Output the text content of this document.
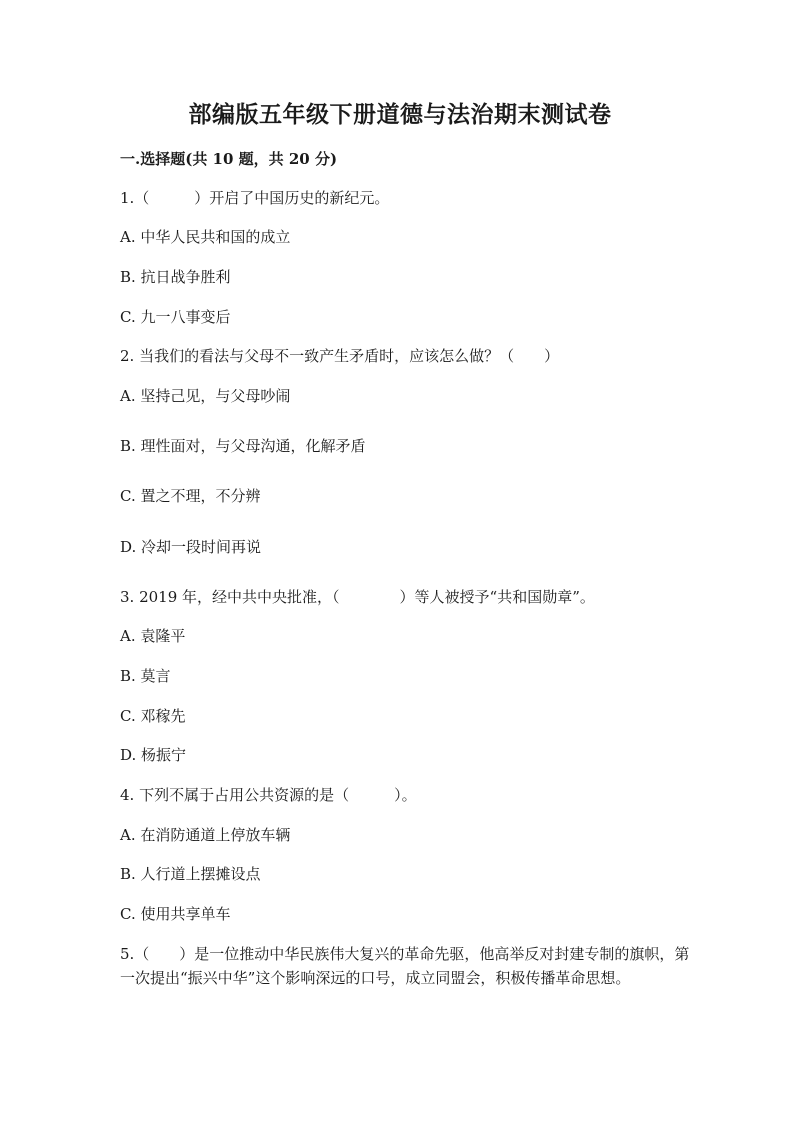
部编版五年级下册道德与法治期末测试卷
一.选择题(共 10 题，共 20 分)
1.（　　　）开启了中国历史的新纪元。
A. 中华人民共和国的成立
B. 抗日战争胜利
C. 九一八事变后
2. 当我们的看法与父母不一致产生矛盾时，应该怎么做？（　　）
A. 坚持己见，与父母吵闹
B. 理性面对，与父母沟通，化解矛盾
C. 置之不理，不分辨
D. 冷却一段时间再说
3. 2019 年，经中共中央批准，（　　　　）等人被授予“共和国勋章”。
A. 袁隆平
B. 莫言
C. 邓稼先
D. 杨振宁
4. 下列不属于占用公共资源的是（　　　）。
A. 在消防通道上停放车辆
B. 人行道上摆摊设点
C. 使用共享单车
5.（　　）是一位推动中华民族伟大复兴的革命先驱，他高举反对封建专制的旗帜，第一次提出“振兴中华”这个影响深远的口号，成立同盟会，积极传播革命思想。
